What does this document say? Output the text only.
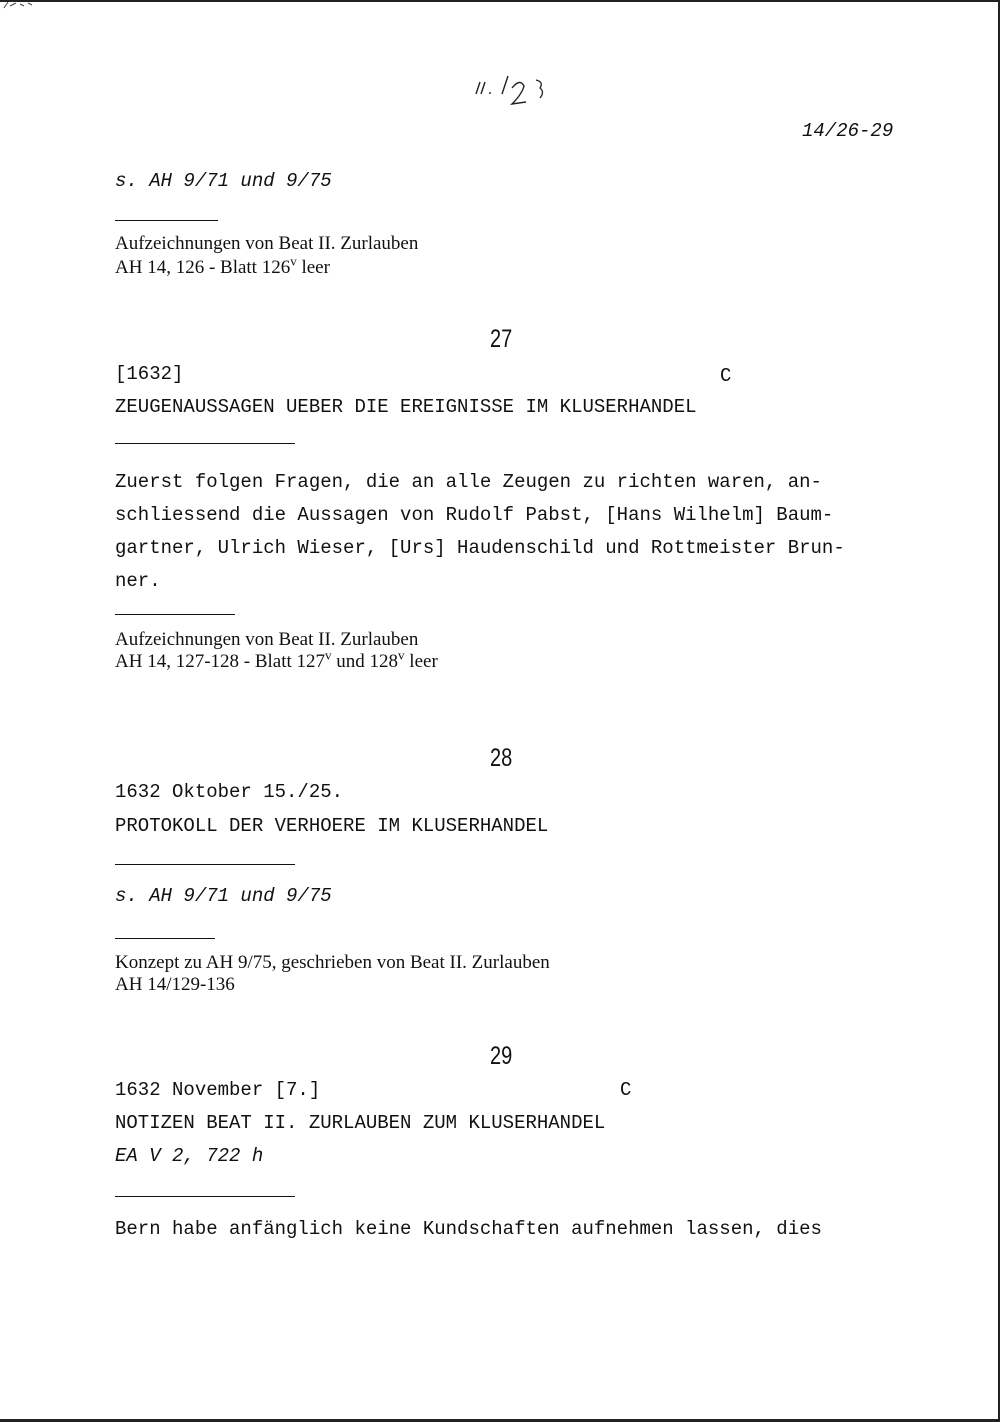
14/26-29
s. AH 9/71 und 9/75
Aufzeichnungen von Beat II. Zurlauben
AH 14, 126 - Blatt 126$^v$ leer
27
[1632]	C
ZEUGENAUSSAGEN UEBER DIE EREIGNISSE IM KLUSERHANDEL
Zuerst folgen Fragen, die an alle Zeugen zu richten waren, an-
schliessend die Aussagen von Rudolf Pabst, [Hans Wilhelm] Baum-
gartner, Ulrich Wieser, [Urs] Haudenschild und Rottmeister Brun-
ner.
Aufzeichnungen von Beat II. Zurlauben
AH 14, 127-128 - Blatt 127$^v$ und 128$^v$ leer
28
1632 Oktober 15./25.
PROTOKOLL DER VERHOERE IM KLUSERHANDEL
s. AH 9/71 und 9/75
Konzept zu AH 9/75, geschrieben von Beat II. Zurlauben
AH 14/129-136
29
1632 November [7.]	C
NOTIZEN BEAT II. ZURLAUBEN ZUM KLUSERHANDEL
EA V 2, 722 h
Bern habe anfänglich keine Kundschaften aufnehmen lassen, dies
